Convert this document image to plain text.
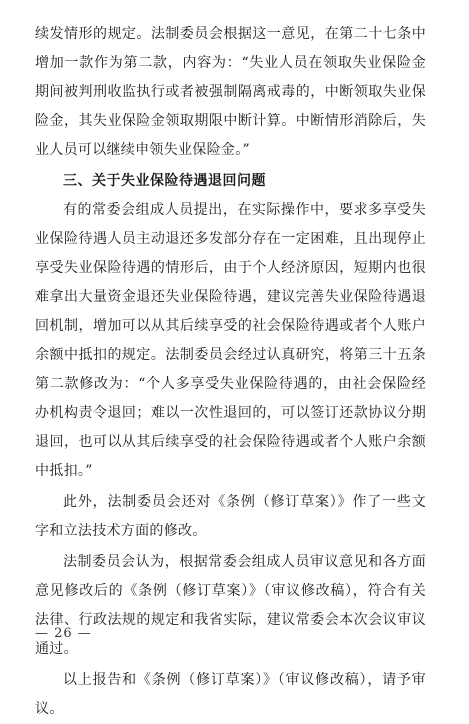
续发情形的规定。法制委员会根据这一意见，在第二十七条中增加一款作为第二款，内容为：“失业人员在领取失业保险金期间被判刑收监执行或者被强制隔离戒毒的，中断领取失业保险金，其失业保险金领取期限中断计算。中断情形消除后，失业人员可以继续申领失业保险金。”

三、关于失业保险待遇退回问题

有的常委会组成人员提出，在实际操作中，要求多享受失业保险待遇人员主动退还多发部分存在一定困难，且出现停止享受失业保险待遇的情形后，由于个人经济原因，短期内也很难拿出大量资金退还失业保险待遇，建议完善失业保险待遇退回机制，增加可以从其后续享受的社会保险待遇或者个人账户余额中抵扣的规定。法制委员会经过认真研究，将第三十五条第二款修改为：“个人多享受失业保险待遇的，由社会保险经办机构责令退回；难以一次性退回的，可以签订还款协议分期退回，也可以从其后续享受的社会保险待遇或者个人账户余额中抵扣。”

此外，法制委员会还对《条例（修订草案）》作了一些文字和立法技术方面的修改。

法制委员会认为，根据常委会组成人员审议意见和各方面意见修改后的《条例（修订草案）》（审议修改稿），符合有关法律、行政法规的规定和我省实际，建议常委会本次会议审议通过。

以上报告和《条例（修订草案）》（审议修改稿），请予审议。

— 26 —
